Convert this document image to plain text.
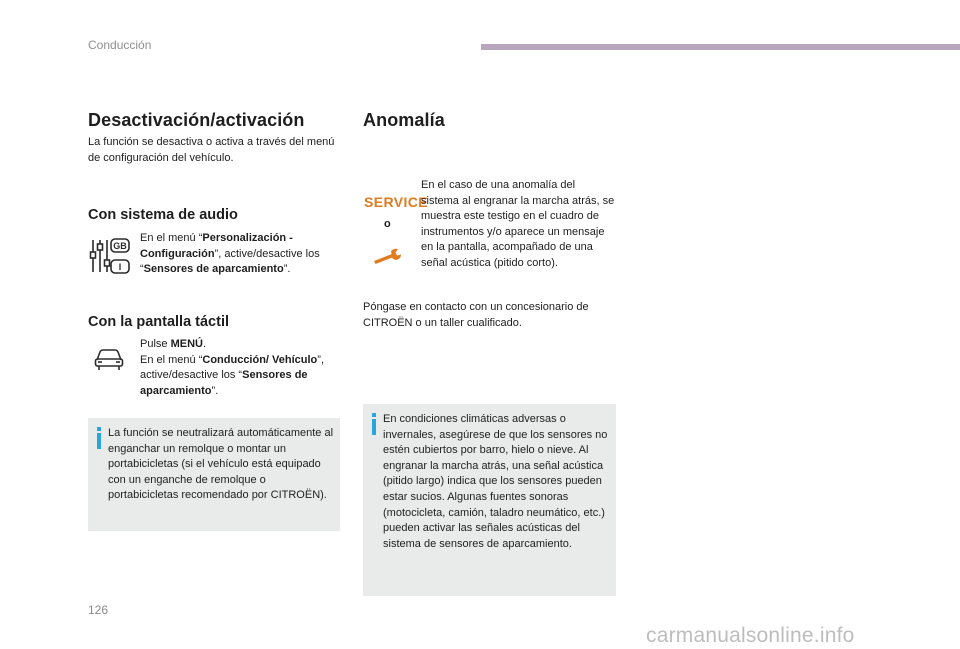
Conducción
Desactivación/activación

La función se desactiva o activa a través del menú de configuración del vehículo.

Con sistema de audio
GB
I

En el menú “Personalización - Configuración”, active/desactive los “Sensores de aparcamiento”.

Con la pantalla táctil

Pulse MENÚ.
En el menú “Conducción/ Vehículo”, active/desactive los “Sensores de aparcamiento”.

La función se neutralizará automáticamente al enganchar un remolque o montar un portabicicletas (si el vehículo está equipado con un enganche de remolque o portabicicletas recomendado por CITROËN).

Anomalía
SERVICE
o

En el caso de una anomalía del sistema al engranar la marcha atrás, se muestra este testigo en el cuadro de instrumentos y/o aparece un mensaje en la pantalla, acompañado de una señal acústica (pitido corto).

Póngase en contacto con un concesionario de CITROËN o un taller cualificado.

En condiciones climáticas adversas o invernales, asegúrese de que los sensores no estén cubiertos por barro, hielo o nieve. Al engranar la marcha atrás, una señal acústica (pitido largo) indica que los sensores pueden estar sucios. Algunas fuentes sonoras (motocicleta, camión, taladro neumático, etc.) pueden activar las señales acústicas del sistema de sensores de aparcamiento.

126
carmanualsonline.info
